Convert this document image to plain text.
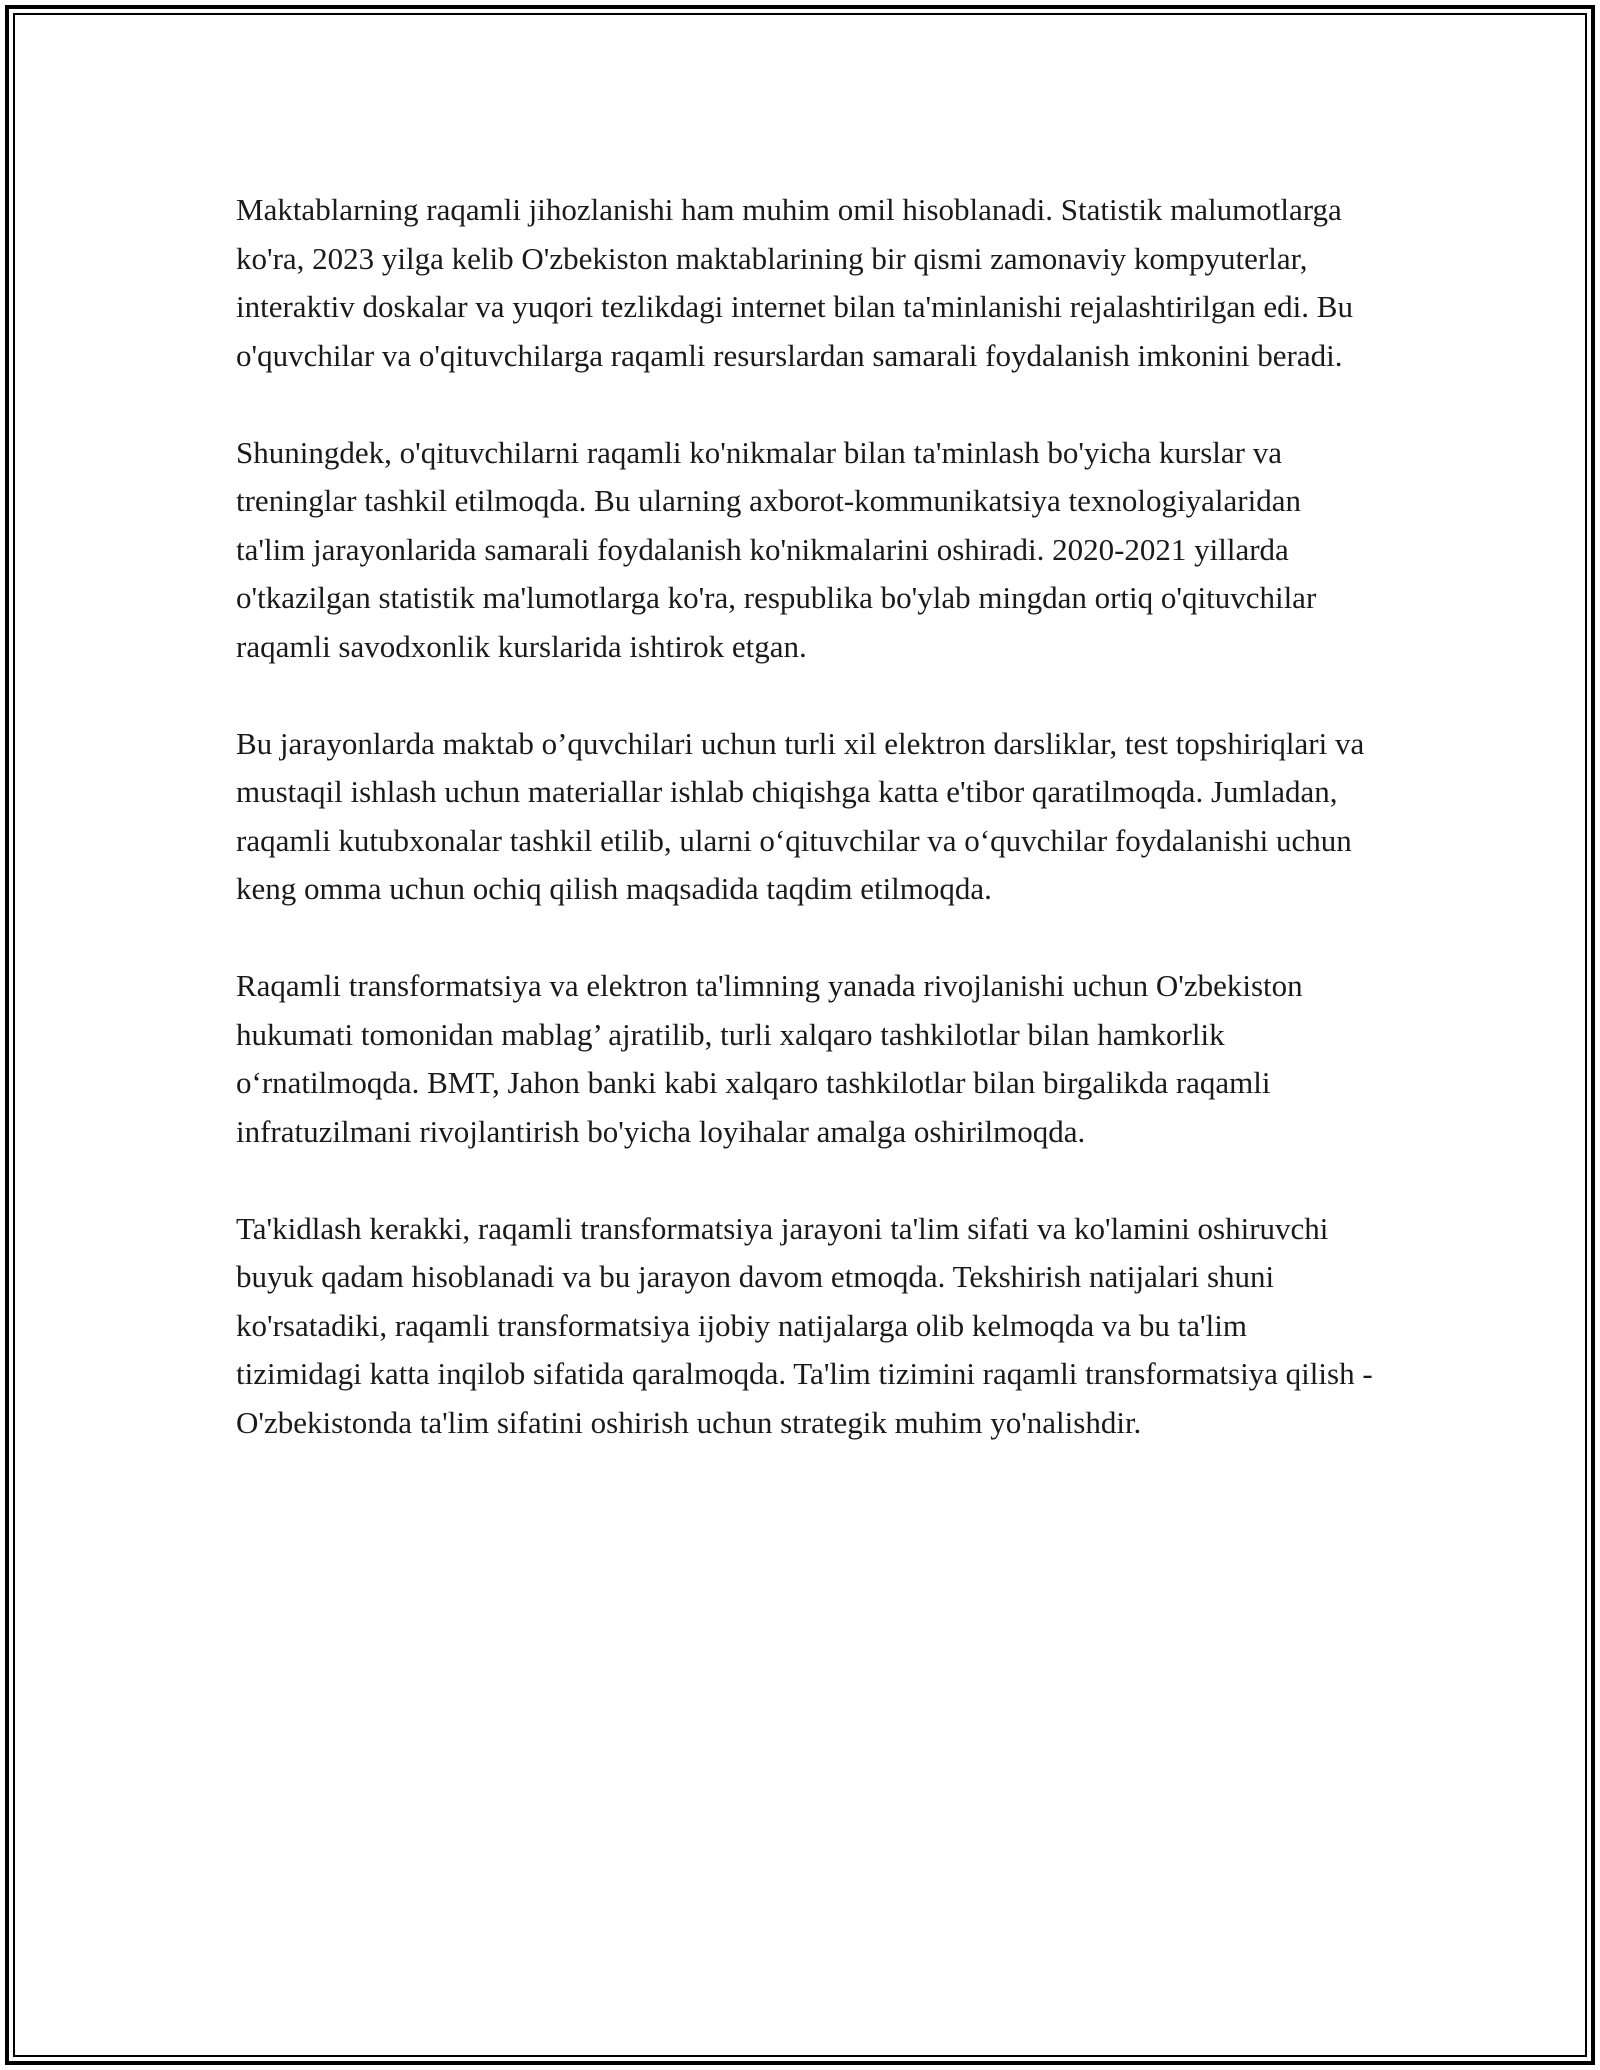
Maktablarning raqamli jihozlanishi ham muhim omil hisoblanadi. Statistik malumotlarga ko'ra, 2023 yilga kelib O'zbekiston maktablarining bir qismi zamonaviy kompyuterlar, interaktiv doskalar va yuqori tezlikdagi internet bilan ta'minlanishi rejalashtirilgan edi. Bu o'quvchilar va o'qituvchilarga raqamli resurslardan samarali foydalanish imkonini beradi.

Shuningdek, o'qituvchilarni raqamli ko'nikmalar bilan ta'minlash bo'yicha kurslar va treninglar tashkil etilmoqda. Bu ularning axborot-kommunikatsiya texnologiyalaridan ta'lim jarayonlarida samarali foydalanish ko'nikmalarini oshiradi. 2020-2021 yillarda o'tkazilgan statistik ma'lumotlarga ko'ra, respublika bo'ylab mingdan ortiq o'qituvchilar raqamli savodxonlik kurslarida ishtirok etgan.

Bu jarayonlarda maktab o’quvchilari uchun turli xil elektron darsliklar, test topshiriqlari va mustaqil ishlash uchun materiallar ishlab chiqishga katta e'tibor qaratilmoqda. Jumladan, raqamli kutubxonalar tashkil etilib, ularni o‘qituvchilar va o‘quvchilar foydalanishi uchun keng omma uchun ochiq qilish maqsadida taqdim etilmoqda.

Raqamli transformatsiya va elektron ta'limning yanada rivojlanishi uchun O'zbekiston hukumati tomonidan mablag’ ajratilib, turli xalqaro tashkilotlar bilan hamkorlik o‘rnatilmoqda. BMT, Jahon banki kabi xalqaro tashkilotlar bilan birgalikda raqamli infratuzilmani rivojlantirish bo'yicha loyihalar amalga oshirilmoqda.

Ta'kidlash kerakki, raqamli transformatsiya jarayoni ta'lim sifati va ko'lamini oshiruvchi buyuk qadam hisoblanadi va bu jarayon davom etmoqda. Tekshirish natijalari shuni ko'rsatadiki, raqamli transformatsiya ijobiy natijalarga olib kelmoqda va bu ta'lim tizimidagi katta inqilob sifatida qaralmoqda. Ta'lim tizimini raqamli transformatsiya qilish - O'zbekistonda ta'lim sifatini oshirish uchun strategik muhim yo'nalishdir.
